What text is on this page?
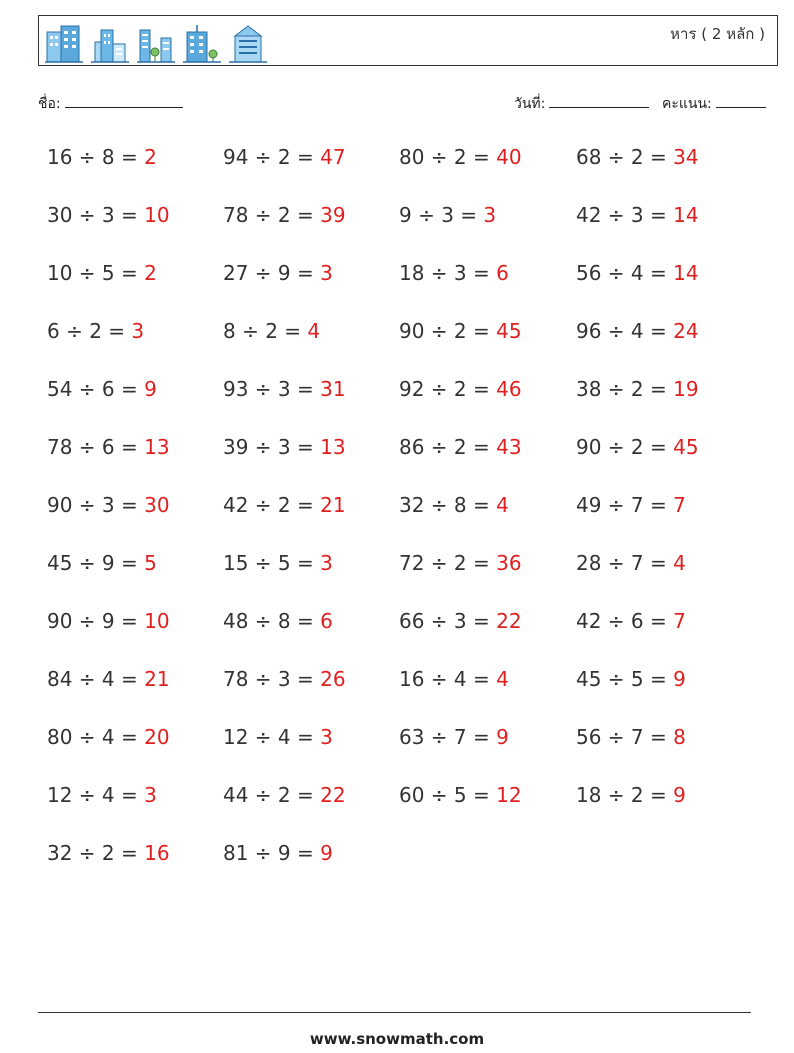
หาร ( 2 หลัก )
ชื่อ:	วันที่:	คะแนน:
16 ÷ 8 = 2	94 ÷ 2 = 47	80 ÷ 2 = 40	68 ÷ 2 = 34
30 ÷ 3 = 10	78 ÷ 2 = 39	9 ÷ 3 = 3	42 ÷ 3 = 14
10 ÷ 5 = 2	27 ÷ 9 = 3	18 ÷ 3 = 6	56 ÷ 4 = 14
6 ÷ 2 = 3	8 ÷ 2 = 4	90 ÷ 2 = 45	96 ÷ 4 = 24
54 ÷ 6 = 9	93 ÷ 3 = 31	92 ÷ 2 = 46	38 ÷ 2 = 19
78 ÷ 6 = 13	39 ÷ 3 = 13	86 ÷ 2 = 43	90 ÷ 2 = 45
90 ÷ 3 = 30	42 ÷ 2 = 21	32 ÷ 8 = 4	49 ÷ 7 = 7
45 ÷ 9 = 5	15 ÷ 5 = 3	72 ÷ 2 = 36	28 ÷ 7 = 4
90 ÷ 9 = 10	48 ÷ 8 = 6	66 ÷ 3 = 22	42 ÷ 6 = 7
84 ÷ 4 = 21	78 ÷ 3 = 26	16 ÷ 4 = 4	45 ÷ 5 = 9
80 ÷ 4 = 20	12 ÷ 4 = 3	63 ÷ 7 = 9	56 ÷ 7 = 8
12 ÷ 4 = 3	44 ÷ 2 = 22	60 ÷ 5 = 12	18 ÷ 2 = 9
32 ÷ 2 = 16	81 ÷ 9 = 9
www.snowmath.com
